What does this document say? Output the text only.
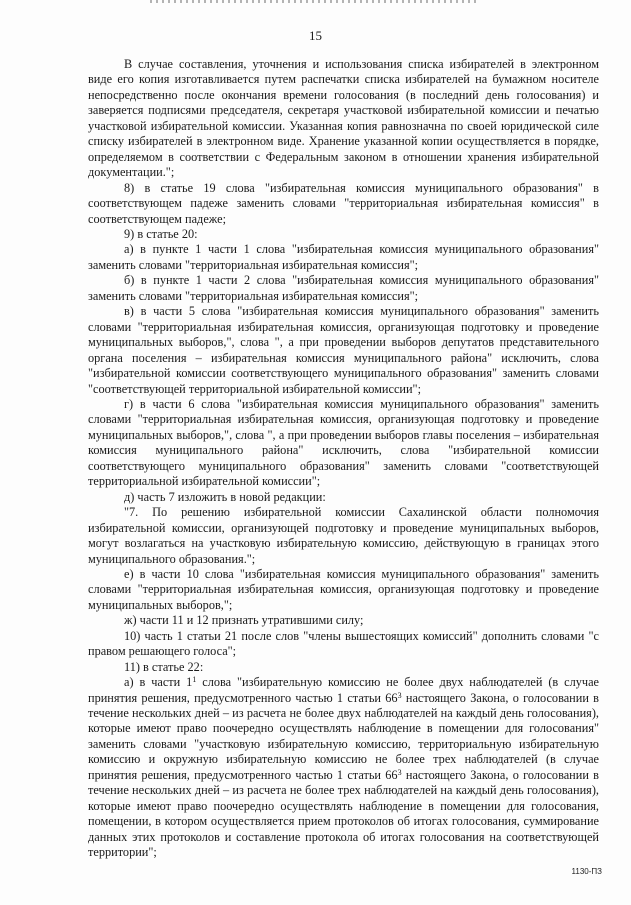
15

В случае составления, уточнения и использования списка избирателей в электронном виде его копия изготавливается путем распечатки списка избирателей на бумажном носителе непосредственно после окончания времени голосования (в последний день голосования) и заверяется подписями председателя, секретаря участковой избирательной комиссии и печатью участковой избирательной комиссии. Указанная копия равнозначна по своей юридической силе списку избирателей в электронном виде. Хранение указанной копии осуществляется в порядке, определяемом в соответствии с Федеральным законом в отношении хранения избирательной документации.";

8) в статье 19 слова "избирательная комиссия муниципального образования" в соответствующем падеже заменить словами "территориальная избирательная комиссия" в соответствующем падеже;

9) в статье 20:

а) в пункте 1 части 1 слова "избирательная комиссия муниципального образования" заменить словами "территориальная избирательная комиссия";

б) в пункте 1 части 2 слова "избирательная комиссия муниципального образования" заменить словами "территориальная избирательная комиссия";

в) в части 5 слова "избирательная комиссия муниципального образования" заменить словами "территориальная избирательная комиссия, организующая подготовку и проведение муниципальных выборов,", слова ", а при проведении выборов депутатов представительного органа поселения – избирательная комиссия муниципального района" исключить, слова "избирательной комиссии соответствующего муниципального образования" заменить словами "соответствующей территориальной избирательной комиссии";

г) в части 6 слова "избирательная комиссия муниципального образования" заменить словами "территориальная избирательная комиссия, организующая подготовку и проведение муниципальных выборов,", слова ", а при проведении выборов главы поселения – избирательная комиссия муниципального района" исключить, слова "избирательной комиссии соответствующего муниципального образования" заменить словами "соответствующей территориальной избирательной комиссии";

д) часть 7 изложить в новой редакции:

"7. По решению избирательной комиссии Сахалинской области полномочия избирательной комиссии, организующей подготовку и проведение муниципальных выборов, могут возлагаться на участковую избирательную комиссию, действующую в границах этого муниципального образования.";

е) в части 10 слова "избирательная комиссия муниципального образования" заменить словами "территориальная избирательная комиссия, организующая подготовку и проведение муниципальных выборов,";

ж) части 11 и 12 признать утратившими силу;

10) часть 1 статьи 21 после слов "члены вышестоящих комиссий" дополнить словами "с правом решающего голоса";

11) в статье 22:

а) в части $1^1$ слова "избирательную комиссию не более двух наблюдателей (в случае принятия решения, предусмотренного частью 1 статьи $66^3$ настоящего Закона, о голосовании в течение нескольких дней – из расчета не более двух наблюдателей на каждый день голосования), которые имеют право поочередно осуществлять наблюдение в помещении для голосования" заменить словами "участковую избирательную комиссию, территориальную избирательную комиссию и окружную избирательную комиссию не более трех наблюдателей (в случае принятия решения, предусмотренного частью 1 статьи $66^3$ настоящего Закона, о голосовании в течение нескольких дней – из расчета не более трех наблюдателей на каждый день голосования), которые имеют право поочередно осуществлять наблюдение в помещении для голосования, помещении, в котором осуществляется прием протоколов об итогах голосования, суммирование данных этих протоколов и составление протокола об итогах голосования на соответствующей территории";

1130-ПЗ
